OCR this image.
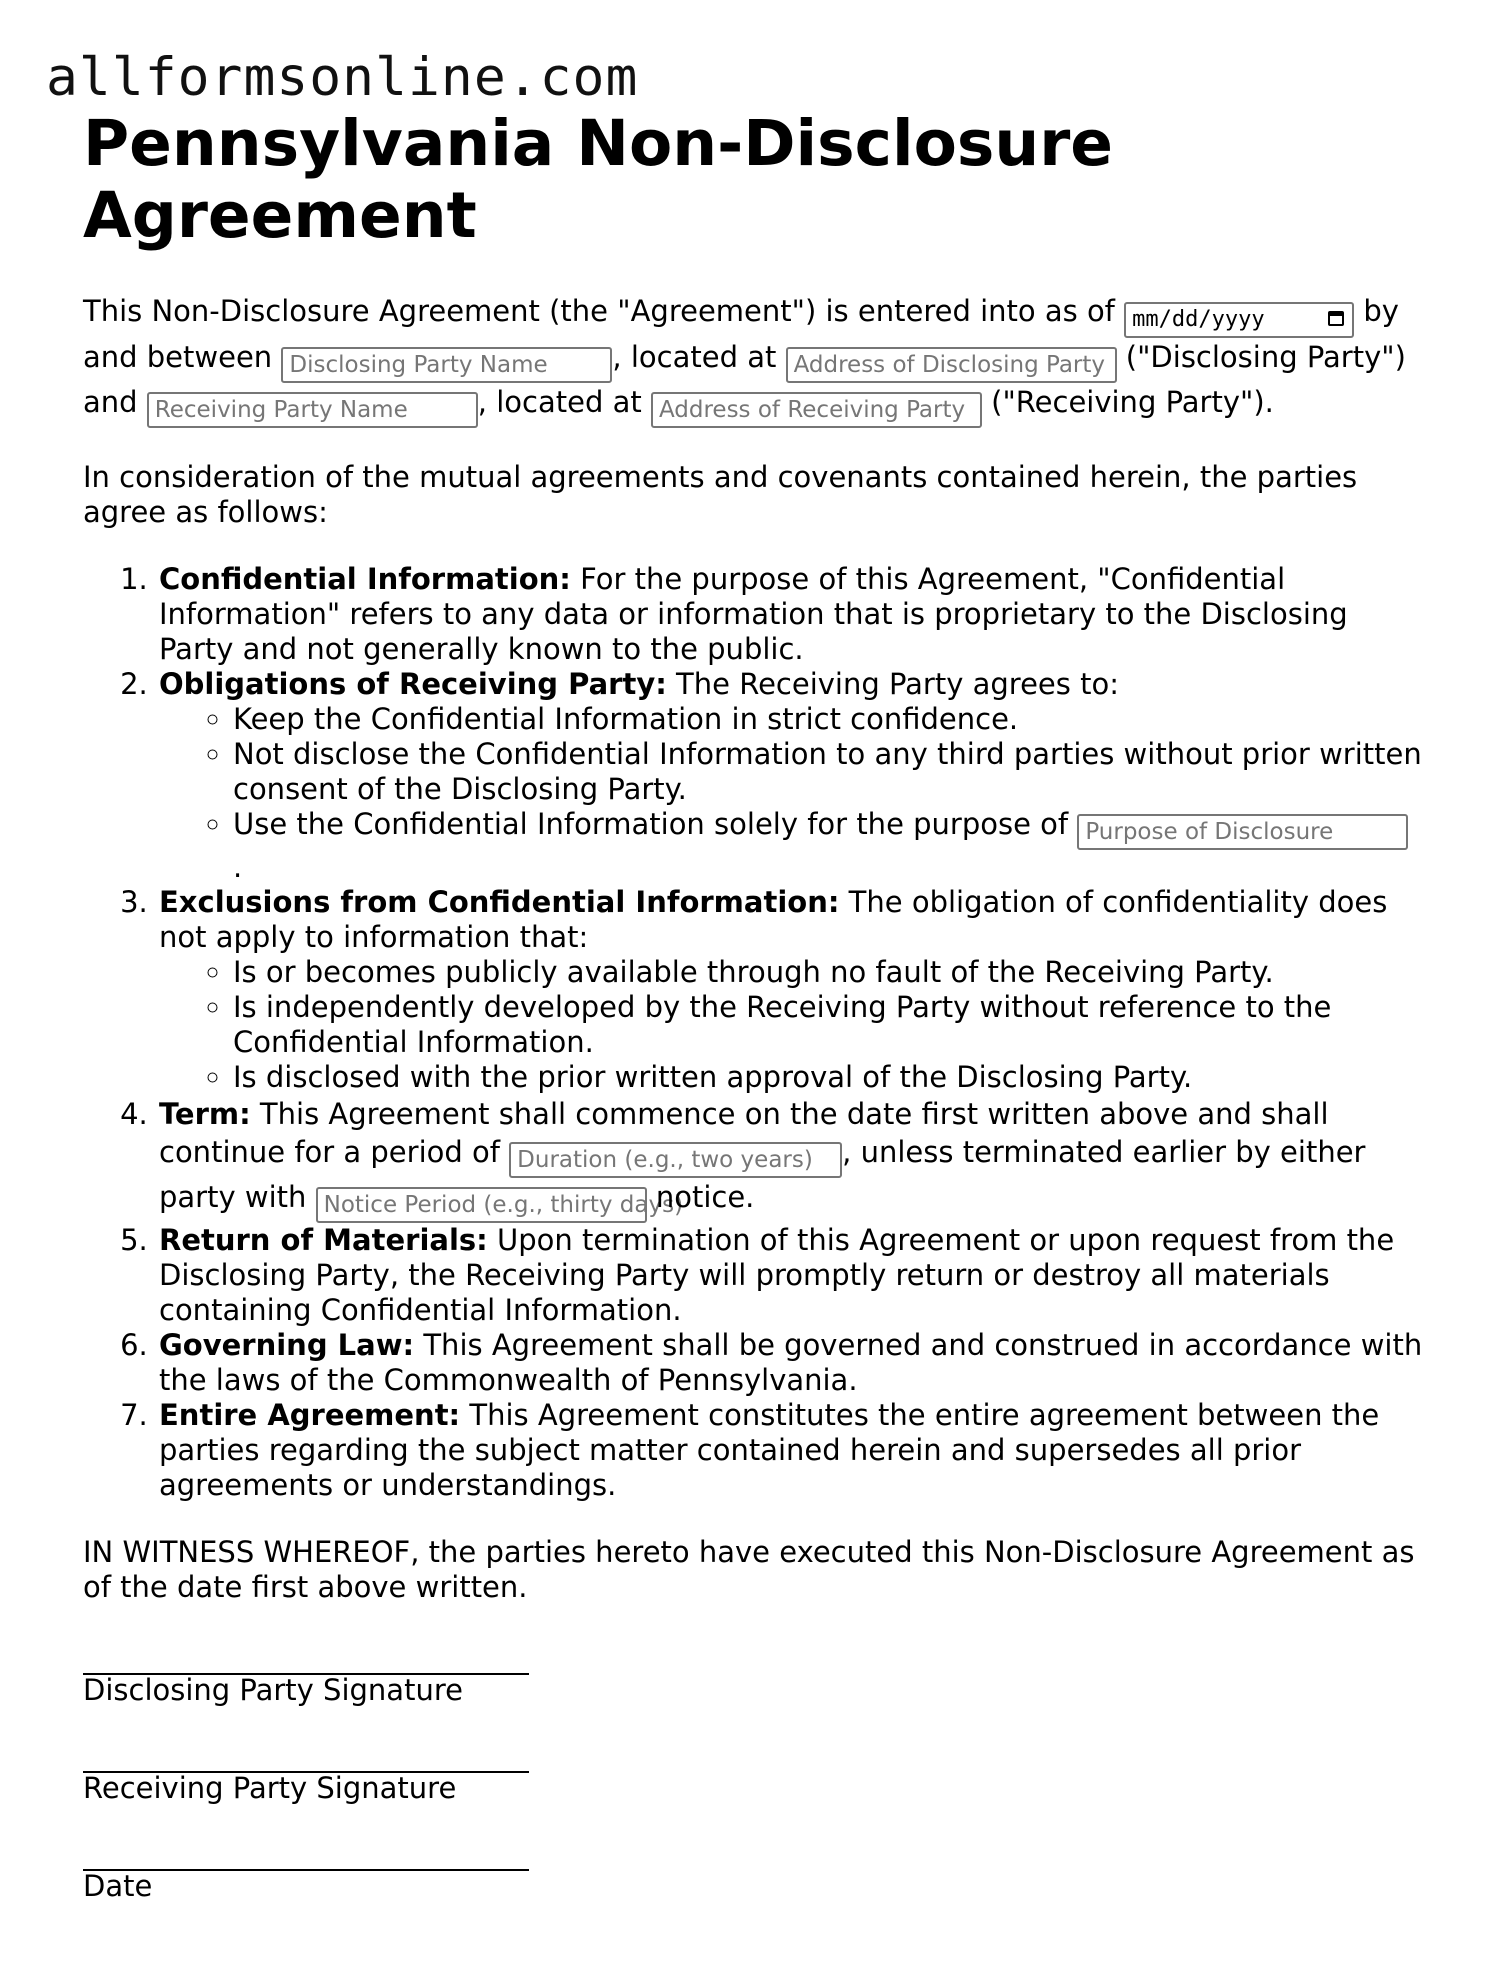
allformsonline.com
Pennsylvania Non-Disclosure Agreement

This Non-Disclosure Agreement (the "Agreement") is entered into as of mm/dd/yyyy	by and between Disclosing Party Name , located at Address of Disclosing Party ("Disclosing Party") and Receiving Party Name , located at Address of Receiving Party ("Receiving Party").

In consideration of the mutual agreements and covenants contained herein, the parties agree as follows:

1. Confidential Information: For the purpose of this Agreement, "Confidential Information" refers to any data or information that is proprietary to the Disclosing Party and not generally known to the public.
2. Obligations of Receiving Party: The Receiving Party agrees to:
◦ Keep the Confidential Information in strict confidence.
◦ Not disclose the Confidential Information to any third parties without prior written consent of the Disclosing Party.
◦ Use the Confidential Information solely for the purpose of Purpose of Disclosure
.
3. Exclusions from Confidential Information: The obligation of confidentiality does not apply to information that:
◦ Is or becomes publicly available through no fault of the Receiving Party.
◦ Is independently developed by the Receiving Party without reference to the Confidential Information.
◦ Is disclosed with the prior written approval of the Disclosing Party.
4. Term: This Agreement shall commence on the date first written above and shall continue for a period of Duration (e.g., two years) , unless terminated earlier by either party with Notice Period (e.g., thirty days) notice.
5. Return of Materials: Upon termination of this Agreement or upon request from the Disclosing Party, the Receiving Party will promptly return or destroy all materials containing Confidential Information.
6. Governing Law: This Agreement shall be governed and construed in accordance with the laws of the Commonwealth of Pennsylvania.
7. Entire Agreement: This Agreement constitutes the entire agreement between the parties regarding the subject matter contained herein and supersedes all prior agreements or understandings.

IN WITNESS WHEREOF, the parties hereto have executed this Non-Disclosure Agreement as of the date first above written.

Disclosing Party Signature
Receiving Party Signature
Date
